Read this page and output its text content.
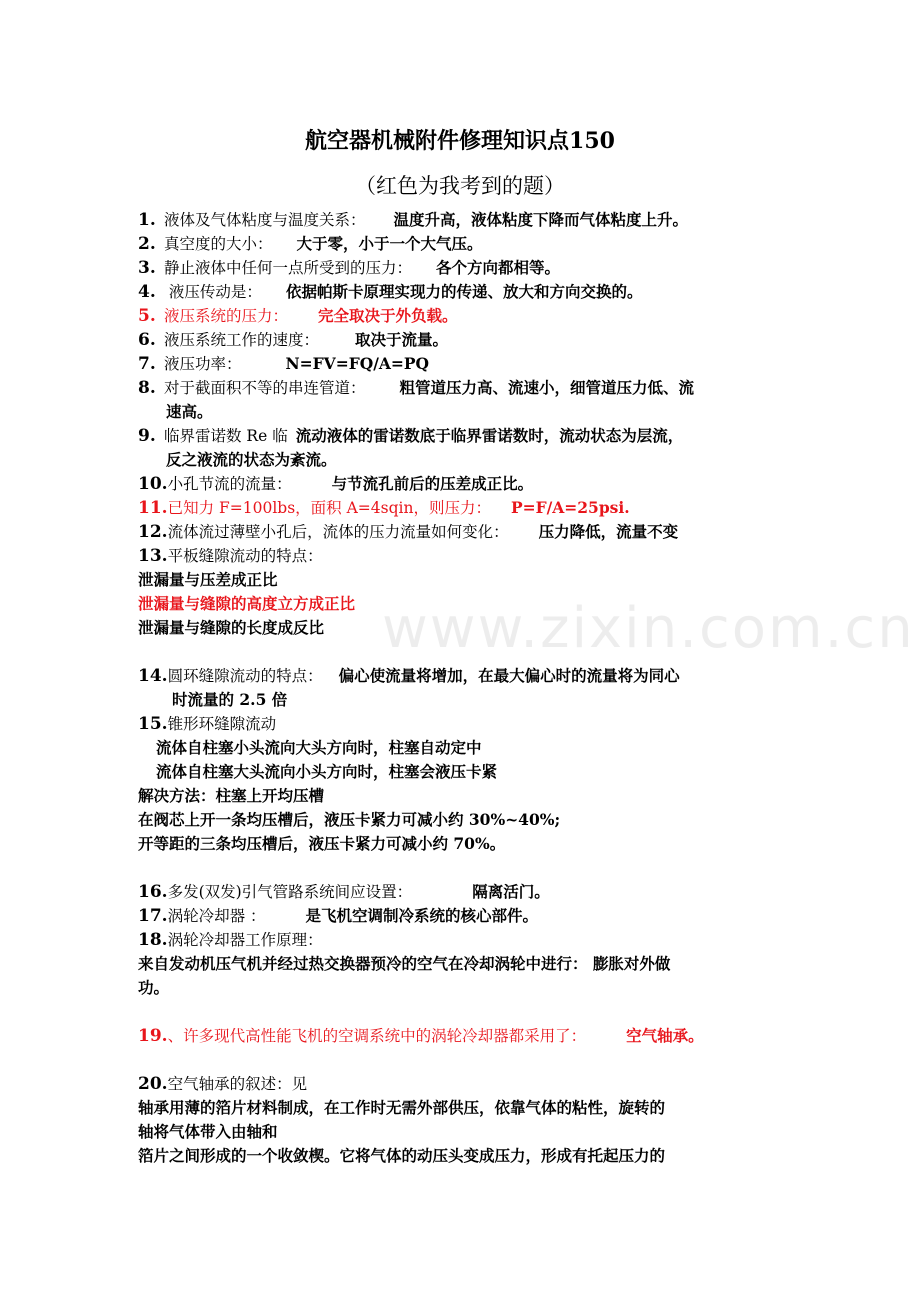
航空器机械附件修理知识点150
（红色为我考到的题）
1. 液体及气体粘度与温度关系： 温度升高，液体粘度下降而气体粘度上升。
2. 真空度的大小： 大于零，小于一个大气压。
3. 静止液体中任何一点所受到的压力： 各个方向都相等。
4. 液压传动是： 依据帕斯卡原理实现力的传递、放大和方向交换的。
5. 液压系统的压力： 完全取决于外负载。
6. 液压系统工作的速度： 取决于流量。
7. 液压功率：	N=FV=FQ/A=PQ
8. 对于截面积不等的串连管道： 粗管道压力高、流速小，细管道压力低、流
速高。
9. 临界雷诺数 Re 临 流动液体的雷诺数底于临界雷诺数时，流动状态为层流，
反之液流的状态为紊流。
10.小孔节流的流量：	与节流孔前后的压差成正比。
11.已知力 F=100lbs，面积 A=4sqin，则压力： P=F/A=25psi.
12.流体流过薄壁小孔后，流体的压力流量如何变化： 压力降低，流量不变
13.平板缝隙流动的特点：
泄漏量与压差成正比
泄漏量与缝隙的高度立方成正比
泄漏量与缝隙的长度成反比
14.圆环缝隙流动的特点： 偏心使流量将增加，在最大偏心时的流量将为同心
时流量的 2.5 倍
15.锥形环缝隙流动
流体自柱塞小头流向大头方向时，柱塞自动定中
流体自柱塞大头流向小头方向时，柱塞会液压卡紧
解决方法：柱塞上开均压槽
在阀芯上开一条均压槽后，液压卡紧力可减小约 30%~40%;
开等距的三条均压槽后，液压卡紧力可减小约 70%。
16.多发(双发)引气管路系统间应设置：	隔离活门。
17.涡轮冷却器 ：	是飞机空调制冷系统的核心部件。
18.涡轮冷却器工作原理：
来自发动机压气机并经过热交换器预冷的空气在冷却涡轮中进行： 膨胀对外做
功。
19.、许多现代高性能飞机的空调系统中的涡轮冷却器都采用了：	空气轴承。
20.空气轴承的叙述：见
轴承用薄的箔片材料制成，在工作时无需外部供压，依靠气体的粘性，旋转的
轴将气体带入由轴和
箔片之间形成的一个收敛楔。它将气体的动压头变成压力，形成有托起压力的
www.zixin.com.cn
